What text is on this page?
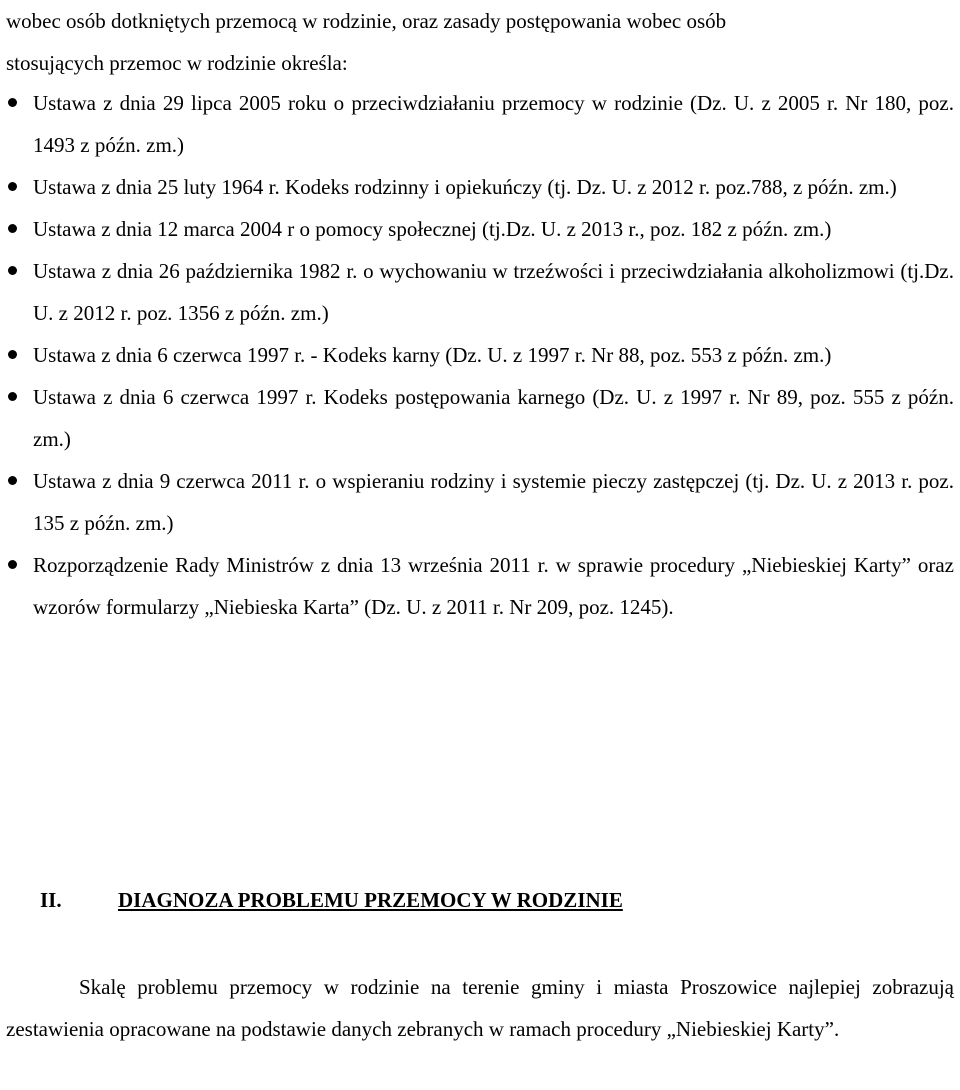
wobec osób dotkniętych przemocą w rodzinie, oraz zasady postępowania wobec osób

stosujących przemoc w rodzinie określa:

Ustawa z dnia 29 lipca 2005 roku o przeciwdziałaniu przemocy w rodzinie (Dz. U. z 2005 r. Nr 180, poz. 1493 z późn. zm.)
Ustawa z dnia 25 luty 1964 r. Kodeks rodzinny i opiekuńczy (tj. Dz. U. z 2012 r. poz.788, z późn. zm.)
Ustawa z dnia 12 marca 2004 r o pomocy społecznej (tj.Dz. U. z 2013 r., poz. 182 z późn. zm.)
Ustawa z dnia 26 października 1982 r. o wychowaniu w trzeźwości i przeciwdziałania alkoholizmowi (tj.Dz. U. z 2012 r. poz. 1356 z późn. zm.)
Ustawa z dnia 6 czerwca 1997 r. - Kodeks karny (Dz. U. z 1997 r. Nr 88, poz. 553 z późn. zm.)
Ustawa z dnia 6 czerwca 1997 r. Kodeks postępowania karnego (Dz. U. z 1997 r. Nr 89, poz. 555 z późn. zm.)
Ustawa z dnia 9 czerwca 2011 r. o wspieraniu rodziny i systemie pieczy zastępczej (tj. Dz. U. z 2013 r. poz. 135 z późn. zm.)
Rozporządzenie Rady Ministrów z dnia 13 września 2011 r. w sprawie procedury „Niebieskiej Karty” oraz wzorów formularzy „Niebieska Karta” (Dz. U. z 2011 r. Nr 209, poz. 1245).
II.	DIAGNOZA PROBLEMU PRZEMOCY W RODZINIE

Skalę problemu przemocy w rodzinie na terenie gminy i miasta Proszowice najlepiej zobrazują zestawienia opracowane na podstawie danych zebranych w ramach procedury „Niebieskiej Karty”.
